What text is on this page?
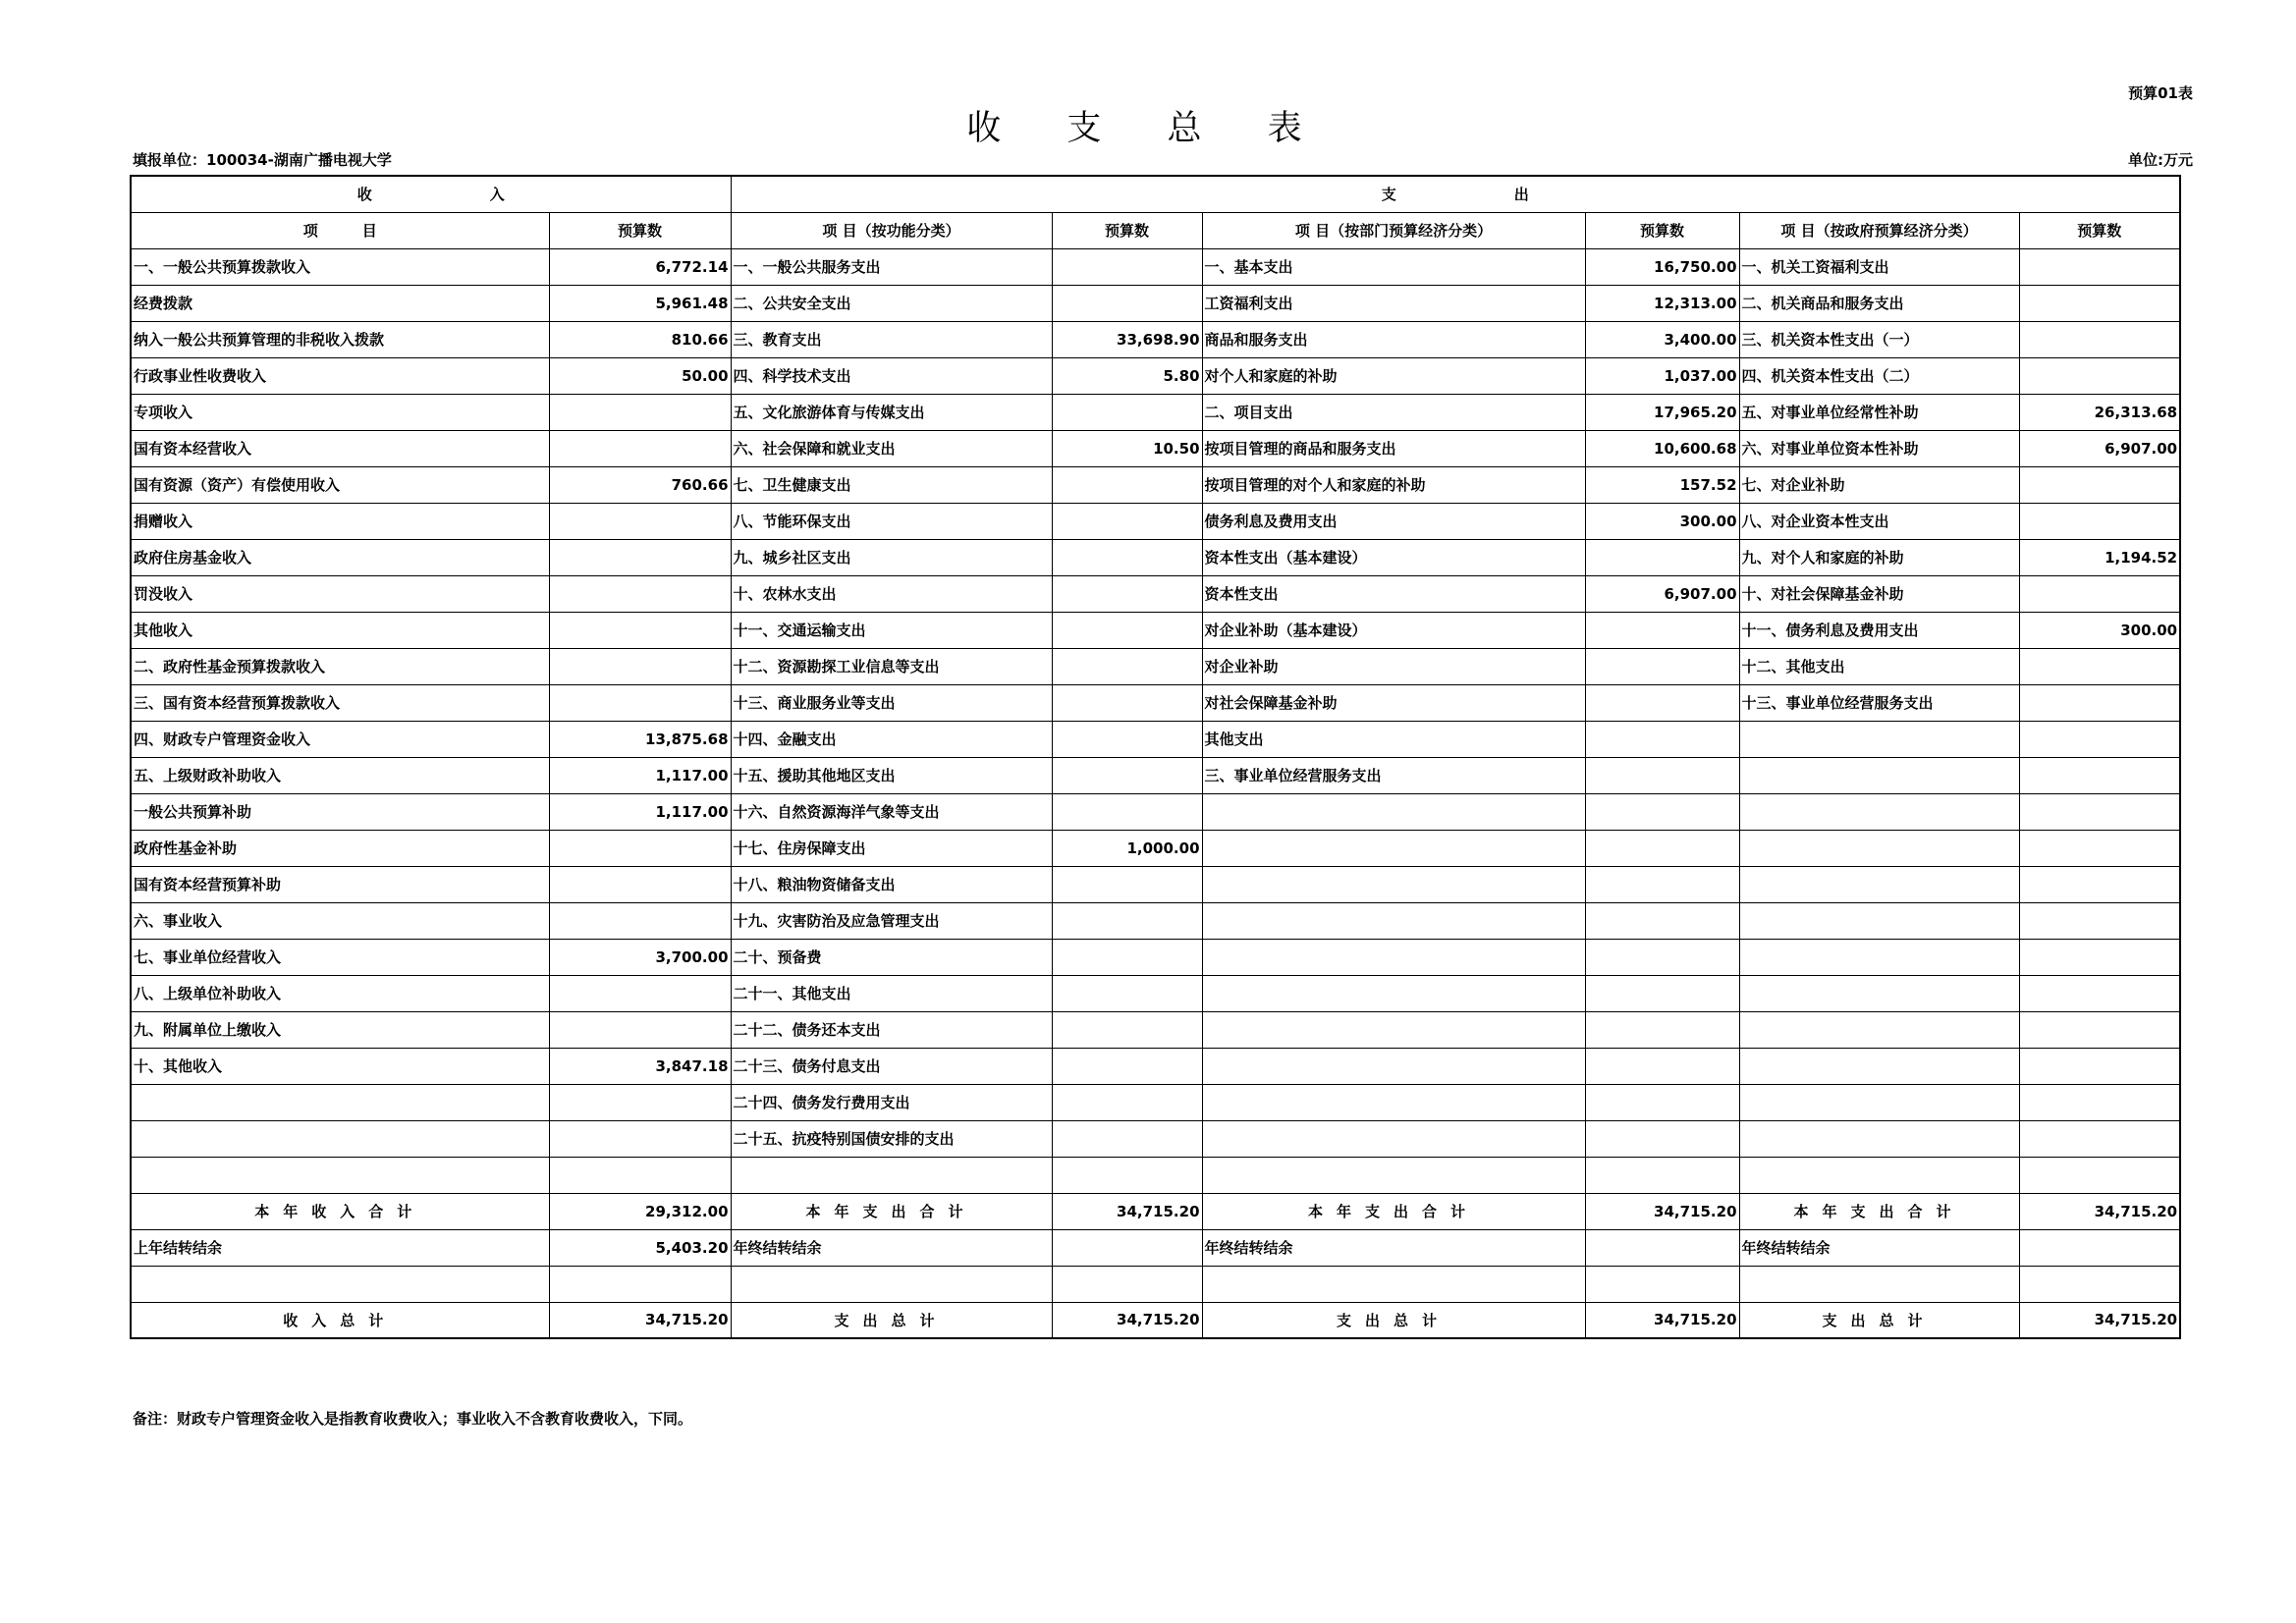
预算01表
收 支 总 表
填报单位：100034-湖南广播电视大学	单位:万元
收　　　　　　　　入		支　　　　　　　　出					
项　　　目	预算数	项 目（按功能分类）	预算数	项 目（按部门预算经济分类）	预算数	项 目（按政府预算经济分类）	预算数
一、一般公共预算拨款收入	6,772.14	一、一般公共服务支出		一、基本支出	16,750.00	一、机关工资福利支出	
经费拨款	5,961.48	二、公共安全支出		工资福利支出	12,313.00	二、机关商品和服务支出	
纳入一般公共预算管理的非税收入拨款	810.66	三、教育支出	33,698.90	商品和服务支出	3,400.00	三、机关资本性支出（一）	
行政事业性收费收入	50.00	四、科学技术支出	5.80	对个人和家庭的补助	1,037.00	四、机关资本性支出（二）	
专项收入		五、文化旅游体育与传媒支出		二、项目支出	17,965.20	五、对事业单位经常性补助	26,313.68
国有资本经营收入		六、社会保障和就业支出	10.50	按项目管理的商品和服务支出	10,600.68	六、对事业单位资本性补助	6,907.00
国有资源（资产）有偿使用收入	760.66	七、卫生健康支出		按项目管理的对个人和家庭的补助	157.52	七、对企业补助	
捐赠收入		八、节能环保支出		债务利息及费用支出	300.00	八、对企业资本性支出	
政府住房基金收入		九、城乡社区支出		资本性支出（基本建设）		九、对个人和家庭的补助	1,194.52
罚没收入		十、农林水支出		资本性支出	6,907.00	十、对社会保障基金补助	
其他收入		十一、交通运输支出		对企业补助（基本建设）		十一、债务利息及费用支出	300.00
二、政府性基金预算拨款收入		十二、资源勘探工业信息等支出		对企业补助		十二、其他支出	
三、国有资本经营预算拨款收入		十三、商业服务业等支出		对社会保障基金补助		十三、事业单位经营服务支出	
四、财政专户管理资金收入	13,875.68	十四、金融支出		其他支出			
五、上级财政补助收入	1,117.00	十五、援助其他地区支出		三、事业单位经营服务支出			
一般公共预算补助	1,117.00	十六、自然资源海洋气象等支出					
政府性基金补助		十七、住房保障支出	1,000.00				
国有资本经营预算补助		十八、粮油物资储备支出					
六、事业收入		十九、灾害防治及应急管理支出					
七、事业单位经营收入	3,700.00	二十、预备费					
八、上级单位补助收入		二十一、其他支出					
九、附属单位上缴收入		二十二、债务还本支出					
十、其他收入	3,847.18	二十三、债务付息支出					
		二十四、债务发行费用支出					
		二十五、抗疫特别国债安排的支出					

本年收入合计	29,312.00	本年支出合计	34,715.20	本年支出合计	34,715.20	本年支出合计	34,715.20
上年结转结余	5,403.20	年终结转结余		年终结转结余		年终结转结余	

收入总计	34,715.20	支出总计	34,715.20	支出总计	34,715.20	支出总计	34,715.20
备注：财政专户管理资金收入是指教育收费收入；事业收入不含教育收费收入，下同。
